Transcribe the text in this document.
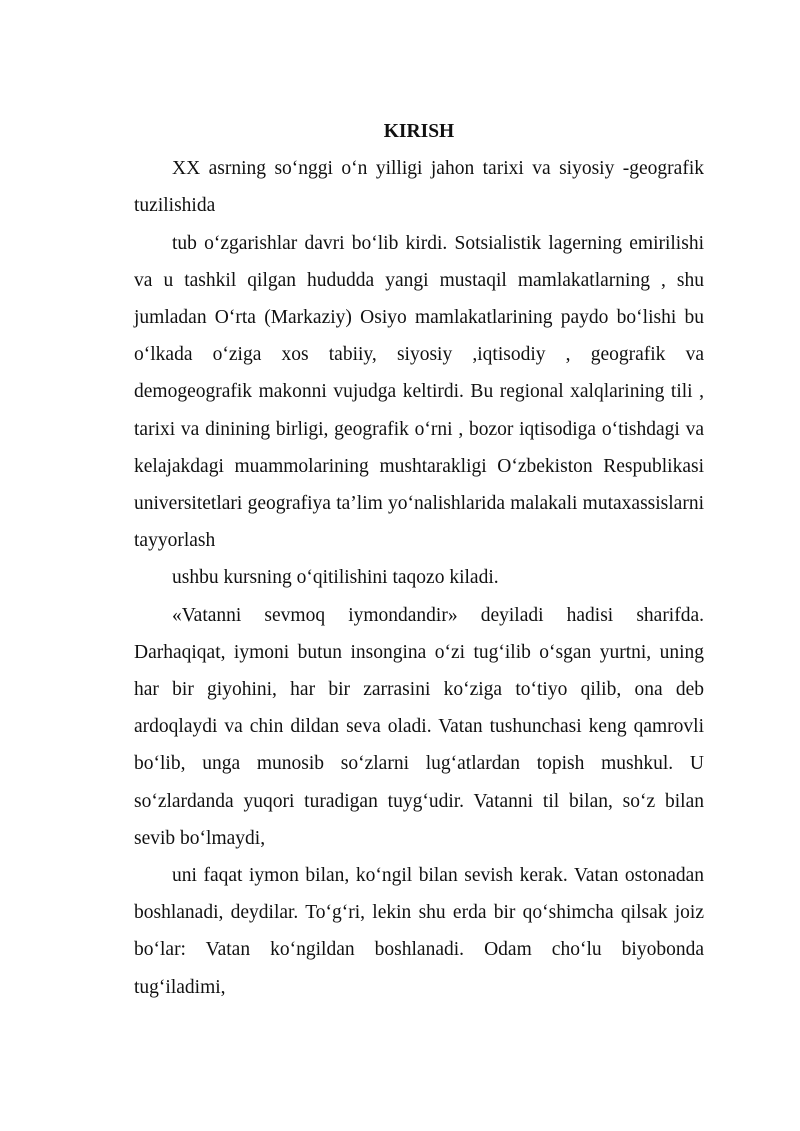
KIRISH

XX asrning so‘nggi o‘n yilligi jahon tarixi va siyosiy -geografik tuzilishida

tub o‘zgarishlar davri bo‘lib kirdi. Sotsialistik lagerning emirilishi va u tashkil qilgan hududda yangi mustaqil mamlakatlarning , shu jumladan O‘rta (Markaziy) Osiyo mamlakatlarining paydo bo‘lishi bu o‘lkada o‘ziga xos tabiiy, siyosiy ,iqtisodiy , geografik va demogeografik makonni vujudga keltirdi. Bu regional xalqlarining tili , tarixi va dinining birligi, geografik o‘rni , bozor iqtisodiga o‘tishdagi va kelajakdagi muammolarining mushtarakligi O‘zbekiston Respublikasi universitetlari geografiya ta’lim yo‘nalishlarida malakali mutaxassislarni tayyorlash

ushbu kursning o‘qitilishini taqozo kiladi.

«Vatanni sevmoq iymondandir» deyiladi hadisi sharifda. Darhaqiqat, iymoni butun insongina o‘zi tug‘ilib o‘sgan yurtni, uning har bir giyohini, har bir zarrasini ko‘ziga to‘tiyo qilib, ona deb ardoqlaydi va chin dildan seva oladi. Vatan tushunchasi keng qamrovli bo‘lib, unga munosib so‘zlarni lug‘atlardan topish mushkul. U so‘zlardanda yuqori turadigan tuyg‘udir. Vatanni til bilan, so‘z bilan sevib bo‘lmaydi,

uni faqat iymon bilan, ko‘ngil bilan sevish kerak. Vatan ostonadan boshlanadi, deydilar. To‘g‘ri, lekin shu erda bir qo‘shimcha qilsak joiz bo‘lar: Vatan ko‘ngildan boshlanadi. Odam cho‘lu biyobonda tug‘iladimi,
